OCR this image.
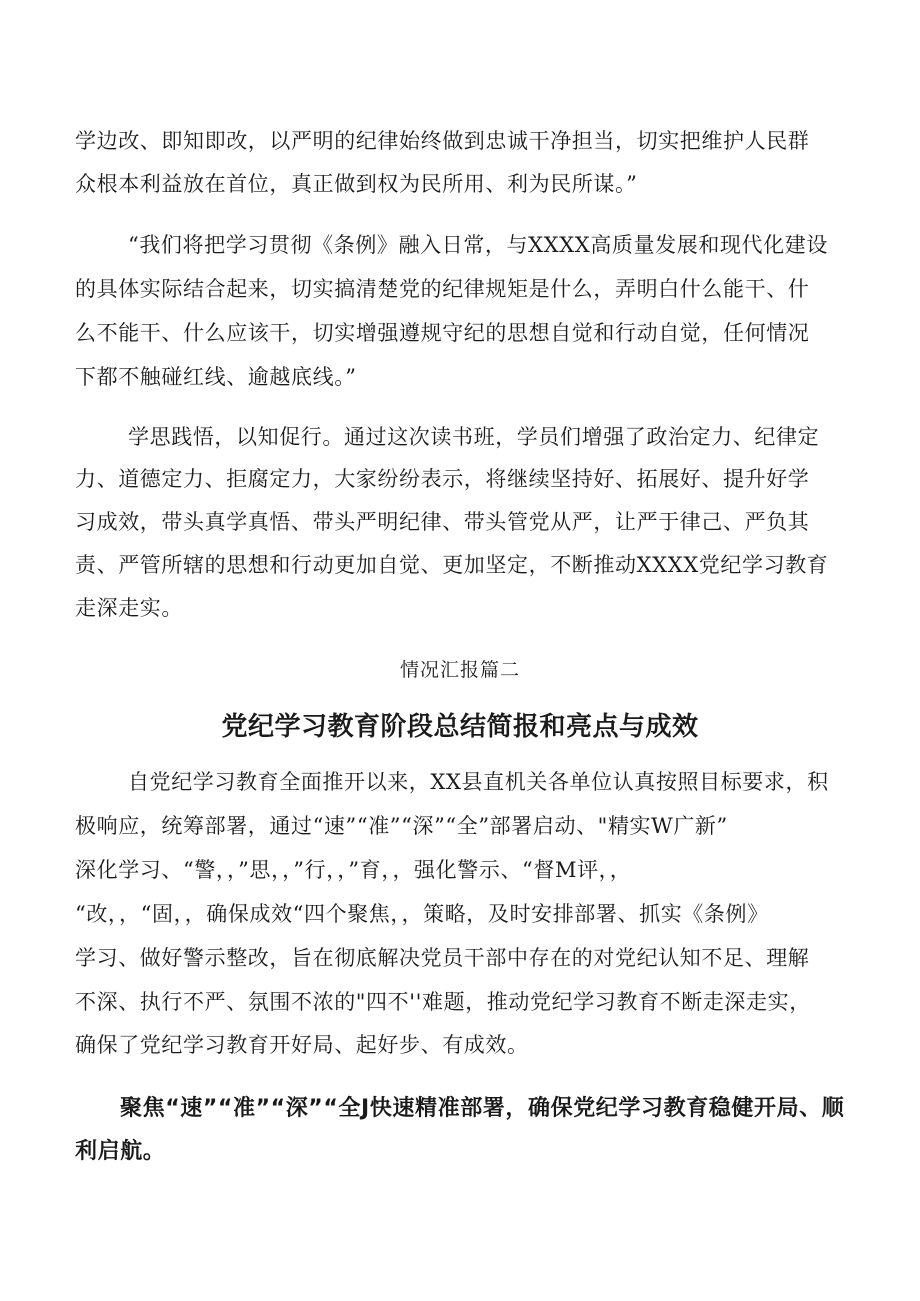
学边改、即知即改，以严明的纪律始终做到忠诚干净担当，切实把维护人民群
众根本利益放在首位，真正做到权为民所用、利为民所谋。”
“我们将把学习贯彻《条例》融入日常，与XXXX高质量发展和现代化建设
的具体实际结合起来，切实搞清楚党的纪律规矩是什么，弄明白什么能干、什
么不能干、什么应该干，切实增强遵规守纪的思想自觉和行动自觉，任何情况
下都不触碰红线、逾越底线。”
学思践悟，以知促行。通过这次读书班，学员们增强了政治定力、纪律定
力、道德定力、拒腐定力，大家纷纷表示，将继续坚持好、拓展好、提升好学
习成效，带头真学真悟、带头严明纪律、带头管党从严，让严于律己、严负其
责、严管所辖的思想和行动更加自觉、更加坚定，不断推动XXXX党纪学习教育
走深走实。
情况汇报篇二
党纪学习教育阶段总结简报和亮点与成效
自党纪学习教育全面推开以来，XX县直机关各单位认真按照目标要求，积
极响应，统筹部署，通过“速”“准”“深”“全”部署启动、"精实W广新”
深化学习、“警，，”思，，”行，，”育，，强化警示、“督M评，，
“改，，“固，，确保成效“四个聚焦，，策略，及时安排部署、抓实《条例》
学习、做好警示整改，旨在彻底解决党员干部中存在的对党纪认知不足、理解
不深、执行不严、氛围不浓的"四不''难题，推动党纪学习教育不断走深走实，
确保了党纪学习教育开好局、起好步、有成效。
聚焦“速”“准”“深”“全J快速精准部署，确保党纪学习教育稳健开局、顺
利启航。
